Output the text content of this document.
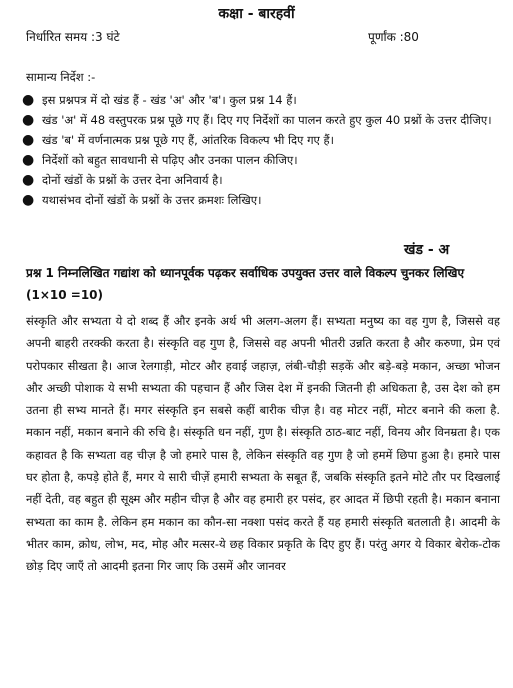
कक्षा - बारहवीं
निर्धारित समय :3 घंटे	पूर्णांक :80
सामान्य निर्देश :-
● इस प्रश्नपत्र में दो खंड हैं - खंड 'अ' और 'ब'। कुल प्रश्न 14 हैं।
● खंड 'अ' में 48 वस्तुपरक प्रश्न पूछे गए हैं। दिए गए निर्देशों का पालन करते हुए कुल 40 प्रश्नों के उत्तर दीजिए।
● खंड 'ब' में वर्णनात्मक प्रश्न पूछे गए हैं, आंतरिक विकल्प भी दिए गए हैं।
● निर्देशों को बहुत सावधानी से पढ़िए और उनका पालन कीजिए।
● दोनों खंडों के प्रश्नों के उत्तर देना अनिवार्य है।
● यथासंभव दोनों खंडों के प्रश्नों के उत्तर क्रमशः लिखिए।
खंड - अ
प्रश्न 1 निम्नलिखित गद्यांश को ध्यानपूर्वक पढ़कर सर्वाधिक उपयुक्त उत्तर वाले विकल्प चुनकर लिखिए (1×10 =10)

संस्कृति और सभ्यता ये दो शब्द हैं और इनके अर्थ भी अलग-अलग हैं। सभ्यता मनुष्य का वह गुण है, जिससे वह अपनी बाहरी तरक्की करता है। संस्कृति वह गुण है, जिससे वह अपनी भीतरी उन्नति करता है और करुणा, प्रेम एवं परोपकार सीखता है। आज रेलगाड़ी, मोटर और हवाई जहाज़, लंबी-चौड़ी सड़कें और बड़े-बड़े मकान, अच्छा भोजन और अच्छी पोशाक ये सभी सभ्यता की पहचान हैं और जिस देश में इनकी जितनी ही अधिकता है, उस देश को हम उतना ही सभ्य मानते हैं। मगर संस्कृति इन सबसे कहीं बारीक चीज़ है। वह मोटर नहीं, मोटर बनाने की कला है. मकान नहीं, मकान बनाने की रुचि है। संस्कृति धन नहीं, गुण है। संस्कृति ठाठ-बाट नहीं, विनय और विनम्रता है। एक कहावत है कि सभ्यता वह चीज़ है जो हमारे पास है, लेकिन संस्कृति वह गुण है जो हममें छिपा हुआ है। हमारे पास घर होता है, कपड़े होते हैं, मगर ये सारी चीज़ें हमारी सभ्यता के सबूत हैं, जबकि संस्कृति इतने मोटे तौर पर दिखलाई नहीं देती, वह बहुत ही सूक्ष्म और महीन चीज़ है और वह हमारी हर पसंद, हर आदत में छिपी रहती है। मकान बनाना सभ्यता का काम है. लेकिन हम मकान का कौन-सा नक्शा पसंद करते हैं यह हमारी संस्कृति बतलाती है। आदमी के भीतर काम, क्रोध, लोभ, मद, मोह और मत्सर-ये छह विकार प्रकृति के दिए हुए हैं। परंतु अगर ये विकार बेरोक-टोक छोड़ दिए जाएँ तो आदमी इतना गिर जाए कि उसमें और जानवर
